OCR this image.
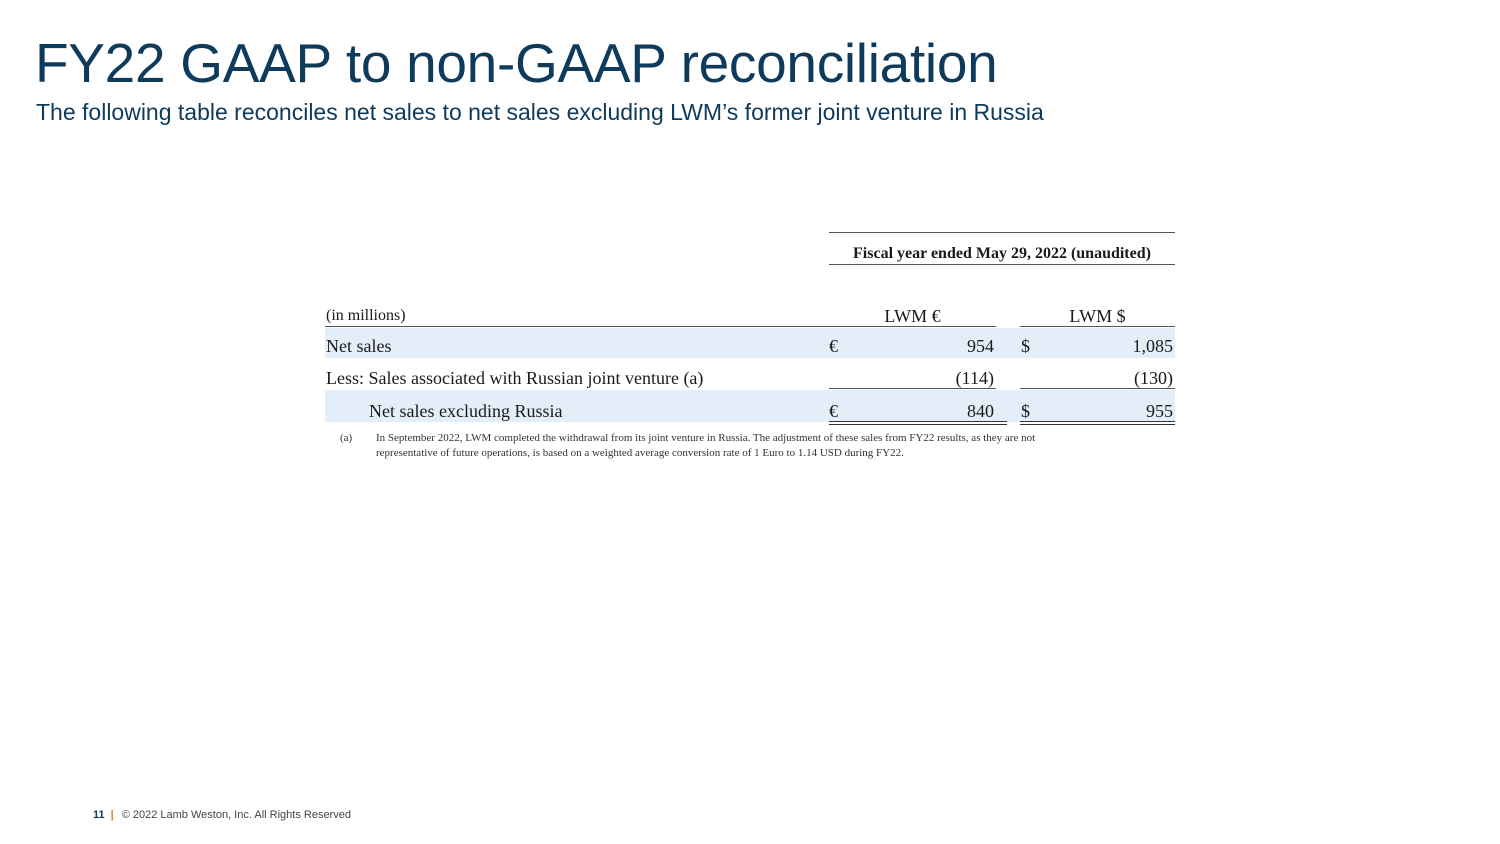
FY22 GAAP to non-GAAP reconciliation
The following table reconciles net sales to net sales excluding LWM’s former joint venture in Russia
Fiscal year ended May 29, 2022 (unaudited)
(in millions)	LWM €	LWM $
Net sales	€	954 $	1,085
Less: Sales associated with Russian joint venture (a)	(114)	(130)
Net sales excluding Russia	€	840 $	955
(a) In September 2022, LWM completed the withdrawal from its joint venture in Russia. The adjustment of these sales from FY22 results, as they are not
representative of future operations, is based on a weighted average conversion rate of 1 Euro to 1.14 USD during FY22.
11 | © 2022 Lamb Weston, Inc. All Rights Reserved
